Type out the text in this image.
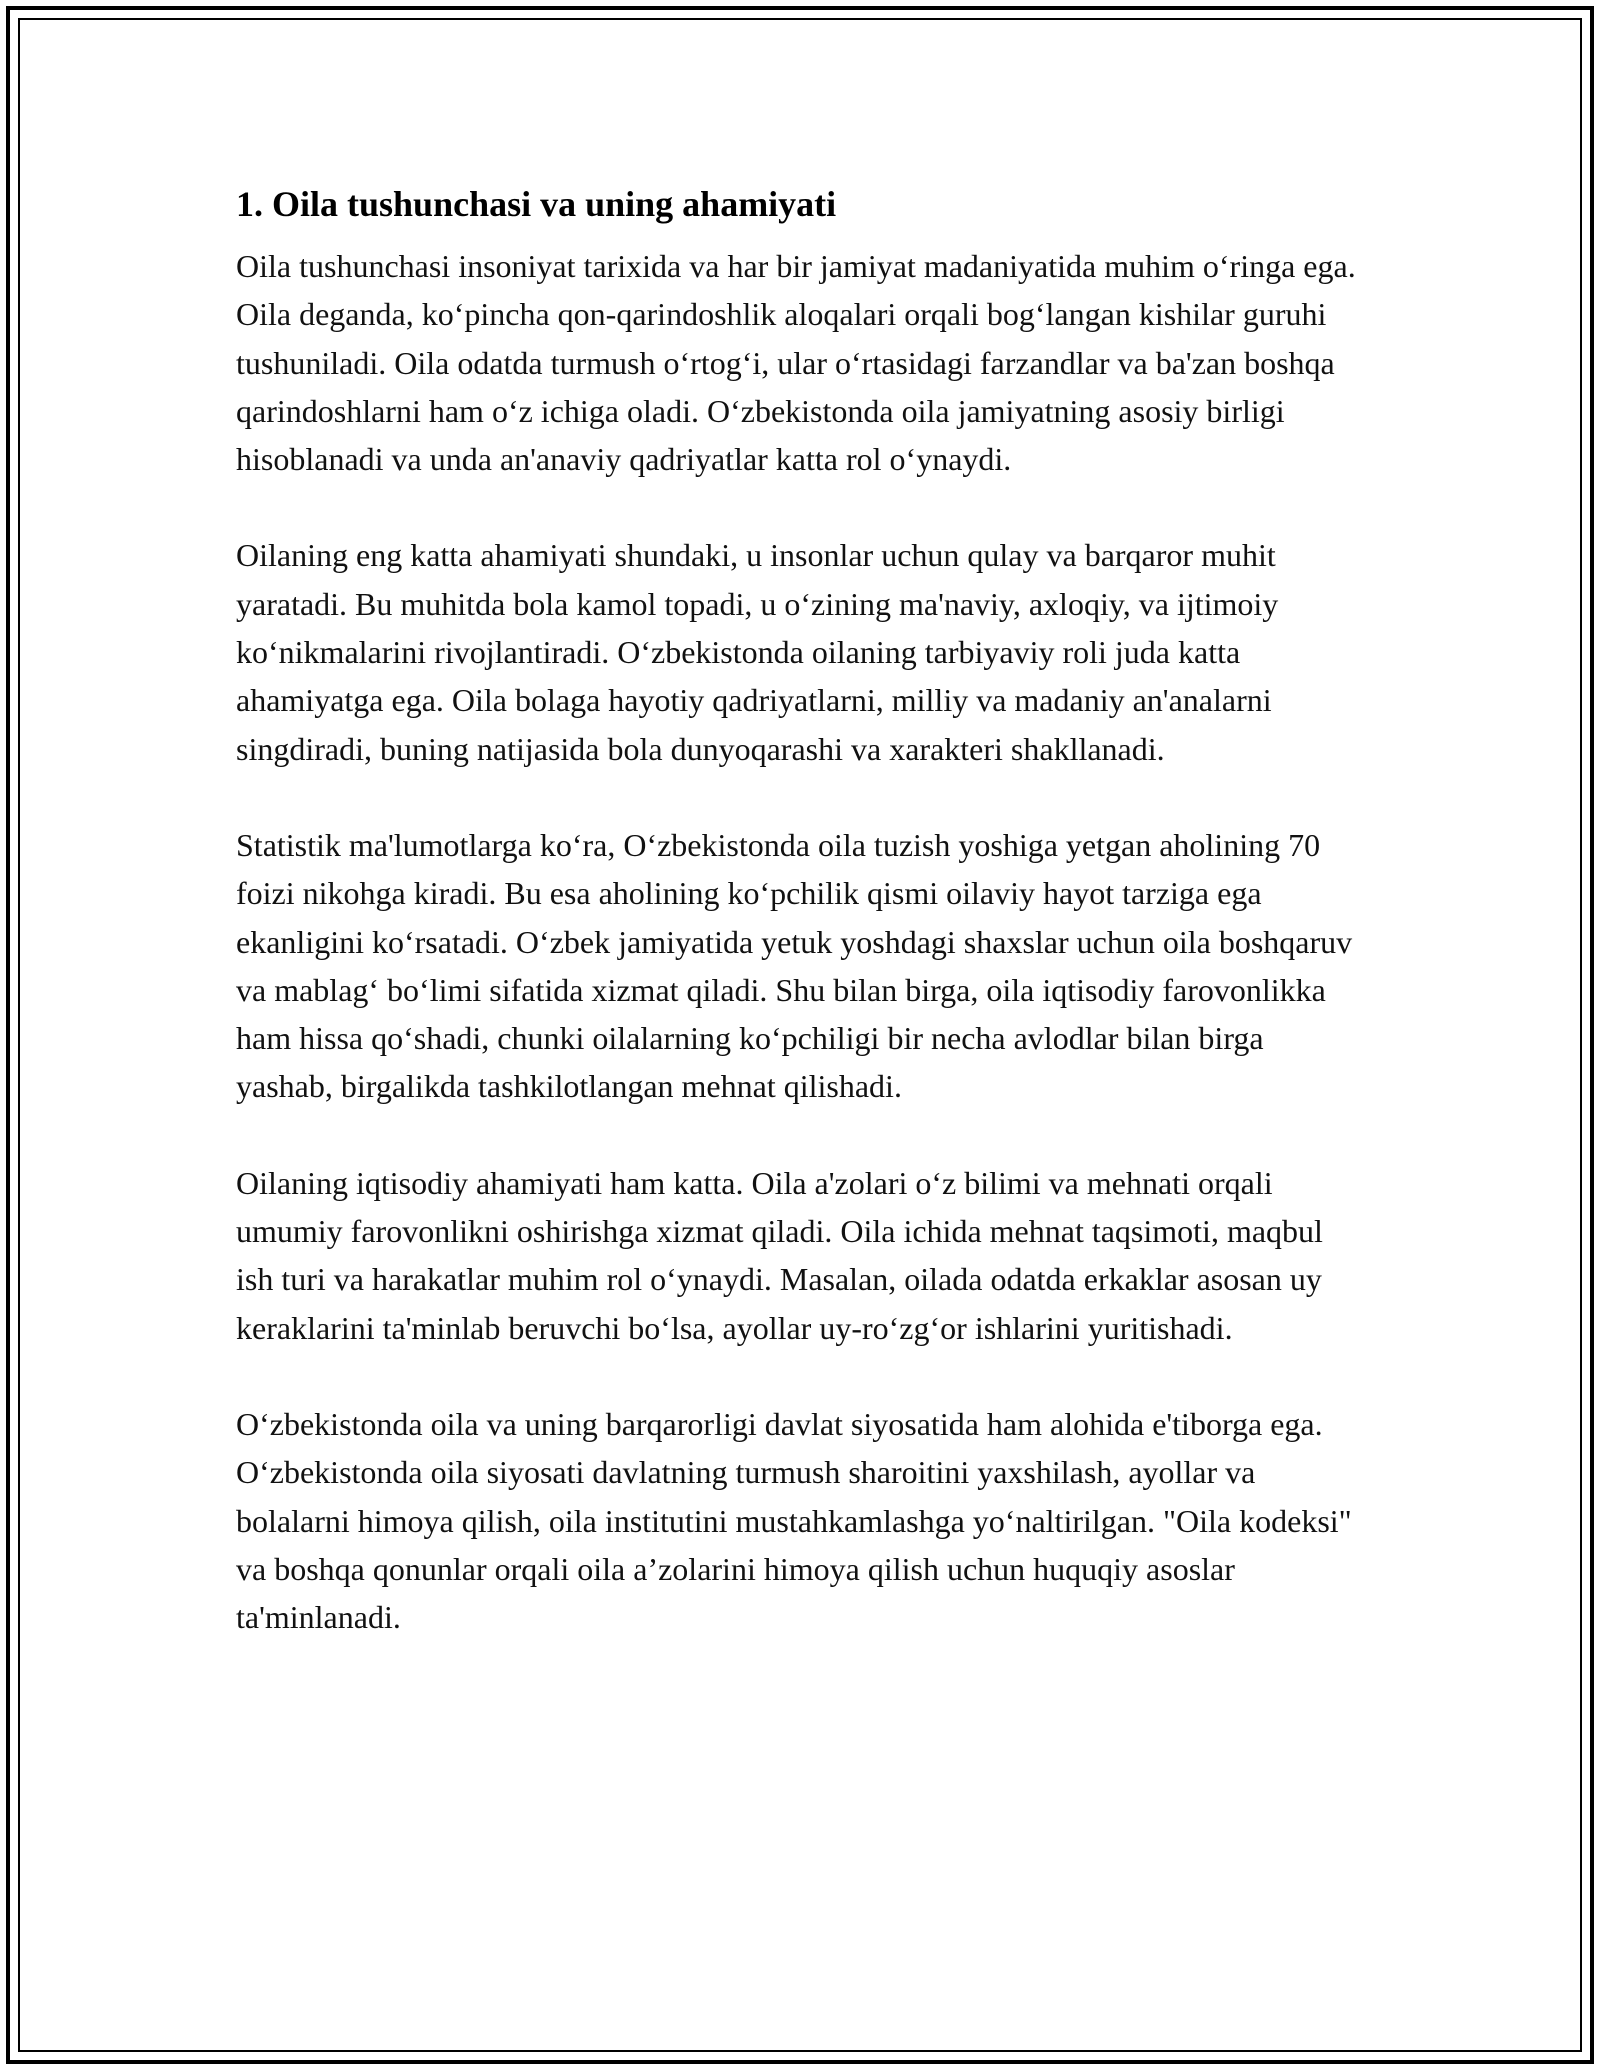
1. Oila tushunchasi va uning ahamiyati

Oila tushunchasi insoniyat tarixida va har bir jamiyat madaniyatida muhim o‘ringa ega. Oila deganda, ko‘pincha qon-qarindoshlik aloqalari orqali bog‘langan kishilar guruhi tushuniladi. Oila odatda turmush o‘rtog‘i, ular o‘rtasidagi farzandlar va ba'zan boshqa qarindoshlarni ham o‘z ichiga oladi. O‘zbekistonda oila jamiyatning asosiy birligi hisoblanadi va unda an'anaviy qadriyatlar katta rol o‘ynaydi.

Oilaning eng katta ahamiyati shundaki, u insonlar uchun qulay va barqaror muhit yaratadi. Bu muhitda bola kamol topadi, u o‘zining ma'naviy, axloqiy, va ijtimoiy ko‘nikmalarini rivojlantiradi. O‘zbekistonda oilaning tarbiyaviy roli juda katta ahamiyatga ega. Oila bolaga hayotiy qadriyatlarni, milliy va madaniy an'analarni singdiradi, buning natijasida bola dunyoqarashi va xarakteri shakllanadi.

Statistik ma'lumotlarga ko‘ra, O‘zbekistonda oila tuzish yoshiga yetgan aholining 70 foizi nikohga kiradi. Bu esa aholining ko‘pchilik qismi oilaviy hayot tarziga ega ekanligini ko‘rsatadi. O‘zbek jamiyatida yetuk yoshdagi shaxslar uchun oila boshqaruv va mablag‘ bo‘limi sifatida xizmat qiladi. Shu bilan birga, oila iqtisodiy farovonlikka ham hissa qo‘shadi, chunki oilalarning ko‘pchiligi bir necha avlodlar bilan birga yashab, birgalikda tashkilotlangan mehnat qilishadi.

Oilaning iqtisodiy ahamiyati ham katta. Oila a'zolari o‘z bilimi va mehnati orqali umumiy farovonlikni oshirishga xizmat qiladi. Oila ichida mehnat taqsimoti, maqbul ish turi va harakatlar muhim rol o‘ynaydi. Masalan, oilada odatda erkaklar asosan uy keraklarini ta'minlab beruvchi bo‘lsa, ayollar uy-ro‘zg‘or ishlarini yuritishadi.

O‘zbekistonda oila va uning barqarorligi davlat siyosatida ham alohida e'tiborga ega. O‘zbekistonda oila siyosati davlatning turmush sharoitini yaxshilash, ayollar va bolalarni himoya qilish, oila institutini mustahkamlashga yo‘naltirilgan. "Oila kodeksi" va boshqa qonunlar orqali oila a’zolarini himoya qilish uchun huquqiy asoslar ta'minlanadi.
